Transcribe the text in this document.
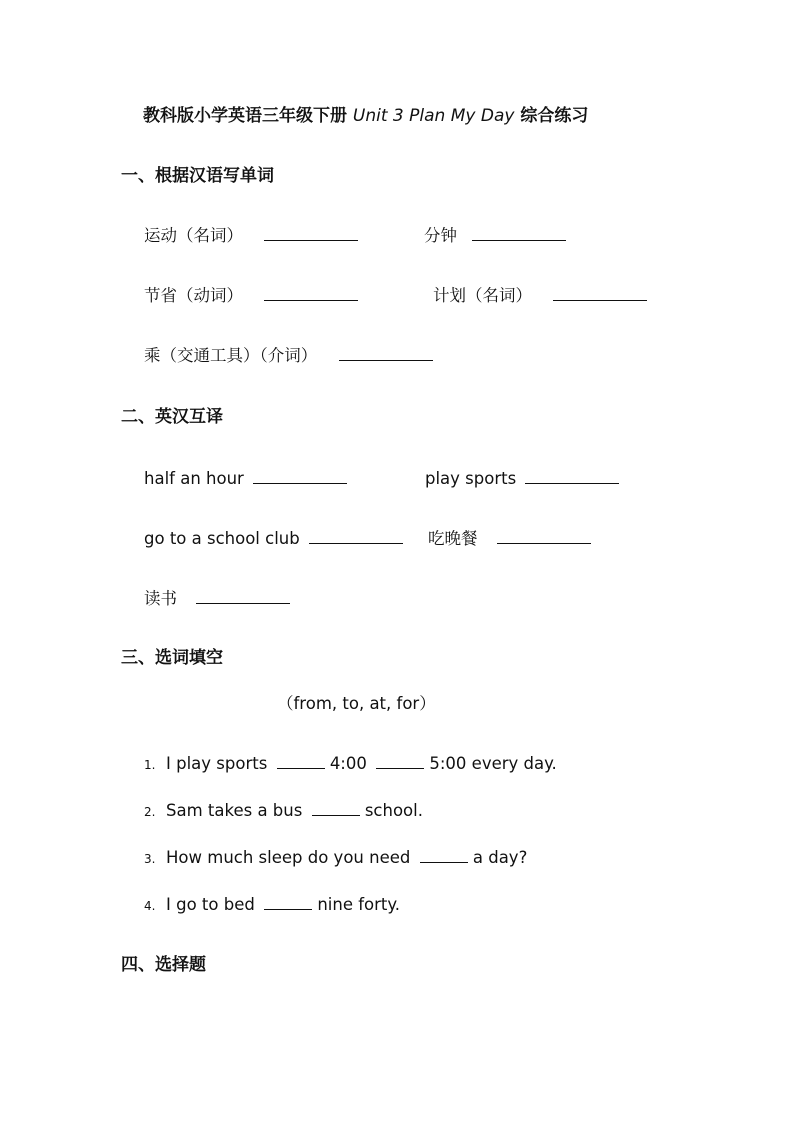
教科版小学英语三年级下册 Unit 3 Plan My Day 综合练习
一、根据汉语写单词
运动（名词）	分钟
节省（动词）	计划（名词）
乘（交通工具）（介词）
二、英汉互译
half an hour	play sports
go to a school club	吃晚餐
读书
三、选词填空
（from, to, at, for）
1. I play sports	4:00	5:00 every day.
2. Sam takes a bus	school.
3. How much sleep do you need	a day?
4. I go to bed	nine forty.
四、选择题
